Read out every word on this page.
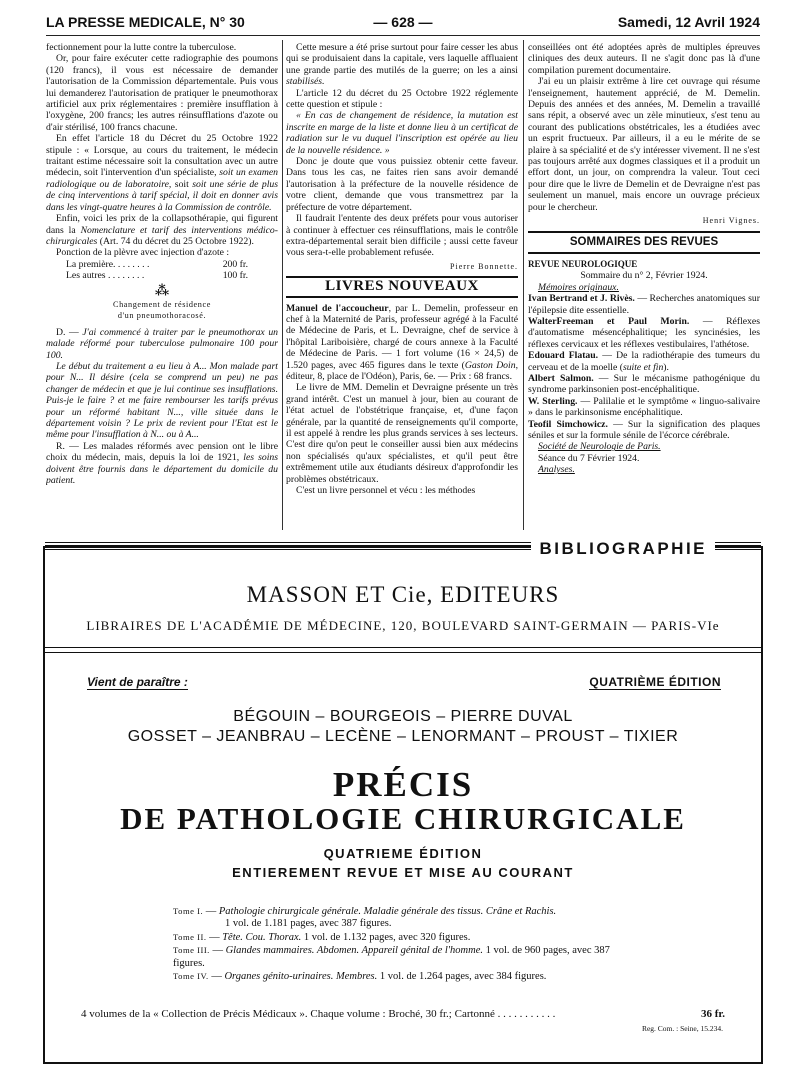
LA PRESSE MEDICALE, N° 30	— 628 —	Samedi, 12 Avril 1924

fectionnement pour la lutte contre la tuberculose.

Or, pour faire exécuter cette radiographie des poumons (120 francs), il vous est nécessaire de demander l'autorisation de la Commission départementale. Puis vous lui demanderez l'autorisation de pratiquer le pneumothorax artificiel aux prix réglementaires : première insufflation à l'oxygène, 200 francs; les autres réinsufflations d'azote ou d'air stérilisé, 100 francs chacune.

En effet l'article 18 du Décret du 25 Octobre 1922 stipule : « Lorsque, au cours du traitement, le médecin traitant estime nécessaire soit la consultation avec un autre médecin, soit l'intervention d'un spécialiste, soit un examen radiologique ou de laboratoire, soit soit une série de plus de cinq interventions à tarif spécial, il doit en donner avis dans les vingt-quatre heures à la Commission de contrôle.

Enfin, voici les prix de la collapsothérapie, qui figurent dans la Nomenclature et tarif des interventions médico-chirurgicales (Art. 74 du décret du 25 Octobre 1922).

Ponction de la plèvre avec injection d'azote :

La première. . . . . . . .	200 fr.
Les autres . . . . . . . .	100 fr.
⁂

Changement de résidence

d'un pneumothoracosé.

D. — J'ai commencé à traiter par le pneumothorax un malade réformé pour tuberculose pulmonaire 100 pour 100.

Le début du traitement a eu lieu à A... Mon malade part pour N... Il désire (cela se comprend un peu) ne pas changer de médecin et que je lui continue ses insufflations. Puis-je le faire ? et me faire rembourser les tarifs prévus pour un réformé habitant N..., ville située dans le département voisin ? Le prix de revient pour l'Etat est le même pour l'insufflation à N... ou à A...

R. — Les malades réformés avec pension ont le libre choix du médecin, mais, depuis la loi de 1921, les soins doivent être fournis dans le département du domicile du patient.

Cette mesure a été prise surtout pour faire cesser les abus qui se produisaient dans la capitale, vers laquelle affluaient une grande partie des mutilés de la guerre; on les a ainsi stabilisés.

L'article 12 du décret du 25 Octobre 1922 réglemente cette question et stipule :

« En cas de changement de résidence, la mutation est inscrite en marge de la liste et donne lieu à un certificat de radiation sur le vu duquel l'inscription est opérée au lieu de la nouvelle résidence. »

Donc je doute que vous puissiez obtenir cette faveur. Dans tous les cas, ne faites rien sans avoir demandé l'autorisation à la préfecture de la nouvelle résidence de votre client, demande que vous transmettrez par la préfecture de votre département.

Il faudrait l'entente des deux préfets pour vous autoriser à continuer à effectuer ces réinsufflations, mais le contrôle extra-départemental serait bien difficile ; aussi cette faveur vous sera-t-elle probablement refusée.

Pierre Bonnette.

LIVRES NOUVEAUX

Manuel de l'accoucheur, par L. Demelin, professeur en chef à la Maternité de Paris, professeur agrégé à la Faculté de Médecine de Paris, et L. Devraigne, chef de service à l'hôpital Lariboisière, chargé de cours annexe à la Faculté de Médecine de Paris. — 1 fort volume (16 × 24,5) de 1.520 pages, avec 465 figures dans le texte (Gaston Doin, éditeur, 8, place de l'Odéon), Paris, 6e. — Prix : 68 francs.

Le livre de MM. Demelin et Devraigne présente un très grand intérêt. C'est un manuel à jour, bien au courant de l'état actuel de l'obstétrique française, et, d'une façon générale, par la quantité de renseignements qu'il comporte, il est appelé à rendre les plus grands services à ses lecteurs. C'est dire qu'on peut le conseiller aussi bien aux médecins non spécialisés qu'aux spécialistes, et qu'il peut être extrêmement utile aux étudiants désireux d'approfondir les problèmes obstétricaux.

C'est un livre personnel et vécu : les méthodes

conseillées ont été adoptées après de multiples épreuves cliniques des deux auteurs. Il ne s'agit donc pas là d'une compilation purement documentaire.

J'ai eu un plaisir extrême à lire cet ouvrage qui résume l'enseignement, hautement apprécié, de M. Demelin. Depuis des années et des années, M. Demelin a travaillé sans répit, a observé avec un zèle minutieux, s'est tenu au courant des publications obstétricales, les a étudiées avec un esprit fructueux. Par ailleurs, il a eu le mérite de se plaire à sa spécialité et de s'y intéresser vivement. Il ne s'est pas toujours arrêté aux dogmes classiques et il a produit un effort dont, un jour, on comprendra la valeur. Tout ceci pour dire que le livre de Demelin et de Devraigne n'est pas seulement un manuel, mais encore un ouvrage précieux pour le chercheur.

Henri Vignes.

SOMMAIRES DES REVUES

REVUE NEUROLOGIQUE

Sommaire du n° 2, Février 1924.

Mémoires originaux.

Ivan Bertrand et J. Rivès. — Recherches anatomiques sur l'épilepsie dite essentielle.

WalterFreeman et Paul Morin. — Réflexes d'automatisme mésencéphalitique; les syncinésies, les réflexes cervicaux et les réflexes vestibulaires, l'athétose.

Edouard Flatau. — De la radiothérapie des tumeurs du cerveau et de la moelle (suite et fin).

Albert Salmon. — Sur le mécanisme pathogénique du syndrome parkinsonien post-encéphalitique.

W. Sterling. — Palilalie et le symptôme « linguo-salivaire » dans le parkinsonisme encéphalitique.

Teofil Simchowicz. — Sur la signification des plaques séniles et sur la formule sénile de l'écorce cérébrale.

Société de Neurologie de Paris.

Séance du 7 Février 1924.

Analyses.

BIBLIOGRAPHIE
MASSON ET Cie, EDITEURS
LIBRAIRES DE L'ACADÉMIE DE MÉDECINE, 120, BOULEVARD SAINT-GERMAIN — PARIS-VIe
Vient de paraître :	QUATRIÈME ÉDITION
BÉGOUIN – BOURGEOIS – PIERRE DUVAL
GOSSET – JEANBRAU – LECÈNE – LENORMANT – PROUST – TIXIER
PRÉCIS
DE PATHOLOGIE CHIRURGICALE
QUATRIEME ÉDITION
ENTIEREMENT REVUE ET MISE AU COURANT
Tome I. — Pathologie chirurgicale générale. Maladie générale des tissus. Crâne et Rachis.
1 vol. de 1.181 pages, avec 387 figures.
Tome II. — Tête. Cou. Thorax. 1 vol. de 1.132 pages, avec 320 figures.
Tome III. — Glandes mammaires. Abdomen. Appareil génital de l'homme. 1 vol. de 960 pages, avec 387 figures.
Tome IV. — Organes génito-urinaires. Membres. 1 vol. de 1.264 pages, avec 384 figures.
4 volumes de la « Collection de Précis Médicaux ». Chaque volume : Broché, 30 fr.; Cartonné . . . . . . . . . . .	36 fr.
Reg. Com. : Seine, 15.234.
